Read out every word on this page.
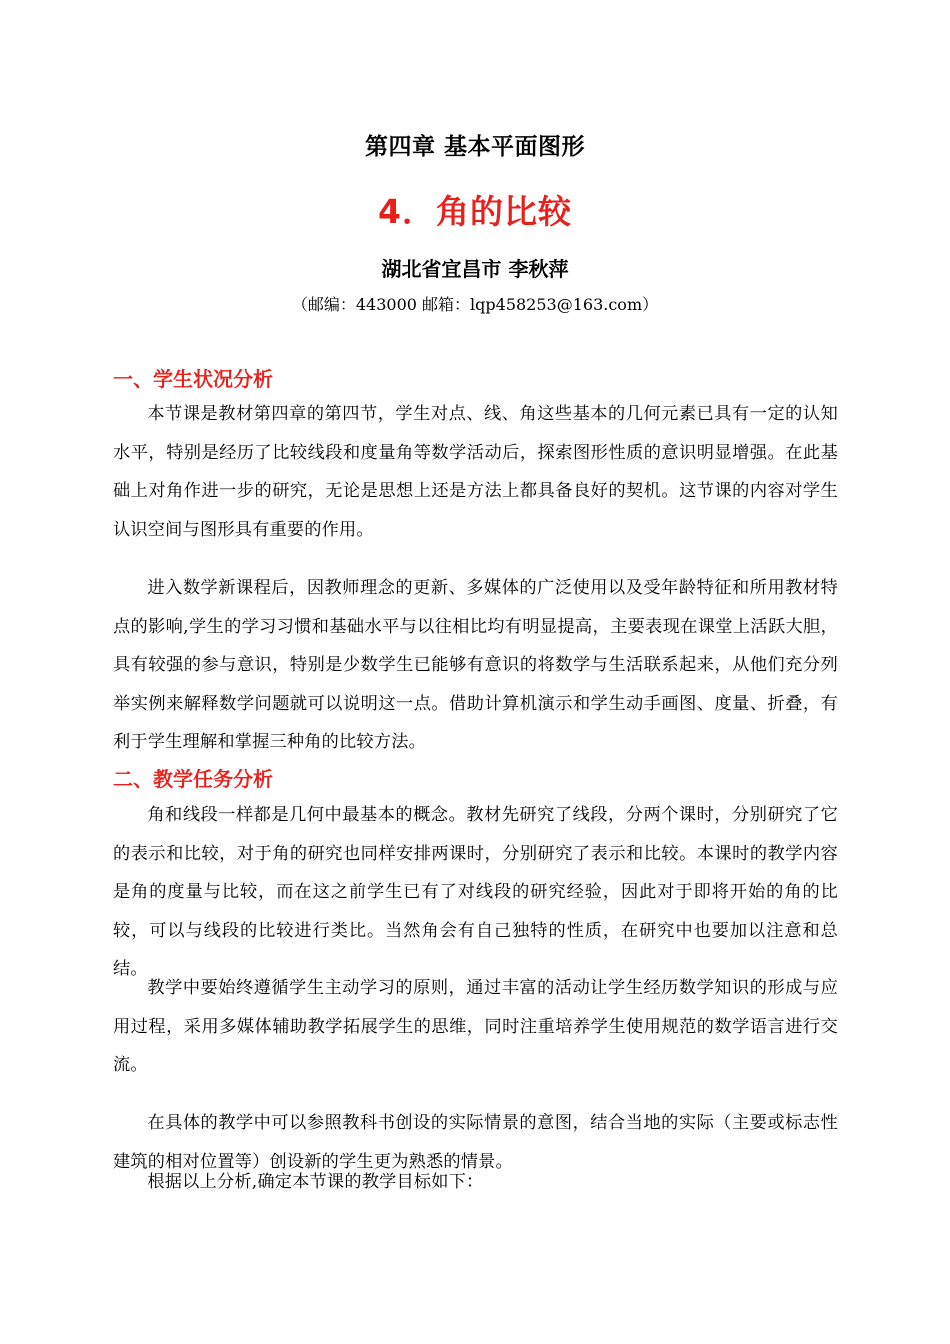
第四章 基本平面图形
4．角的比较
湖北省宜昌市 李秋萍
（邮编：443000 邮箱：lqp458253@163.com）
一、学生状况分析
本节课是教材第四章的第四节，学生对点、线、角这些基本的几何元素已具有一定的认知水平，特别是经历了比较线段和度量角等数学活动后，探索图形性质的意识明显增强。在此基础上对角作进一步的研究，无论是思想上还是方法上都具备良好的契机。这节课的内容对学生认识空间与图形具有重要的作用。
进入数学新课程后，因教师理念的更新、多媒体的广泛使用以及受年龄特征和所用教材特点的影响,学生的学习习惯和基础水平与以往相比均有明显提高，主要表现在课堂上活跃大胆，具有较强的参与意识，特别是少数学生已能够有意识的将数学与生活联系起来，从他们充分列举实例来解释数学问题就可以说明这一点。借助计算机演示和学生动手画图、度量、折叠，有利于学生理解和掌握三种角的比较方法。
二、教学任务分析
角和线段一样都是几何中最基本的概念。教材先研究了线段，分两个课时，分别研究了它的表示和比较，对于角的研究也同样安排两课时，分别研究了表示和比较。本课时的教学内容是角的度量与比较，而在这之前学生已有了对线段的研究经验，因此对于即将开始的角的比较，可以与线段的比较进行类比。当然角会有自己独特的性质，在研究中也要加以注意和总结。
教学中要始终遵循学生主动学习的原则，通过丰富的活动让学生经历数学知识的形成与应用过程，采用多媒体辅助教学拓展学生的思维，同时注重培养学生使用规范的数学语言进行交流。
在具体的教学中可以参照教科书创设的实际情景的意图，结合当地的实际（主要或标志性建筑的相对位置等）创设新的学生更为熟悉的情景。
根据以上分析,确定本节课的教学目标如下：
